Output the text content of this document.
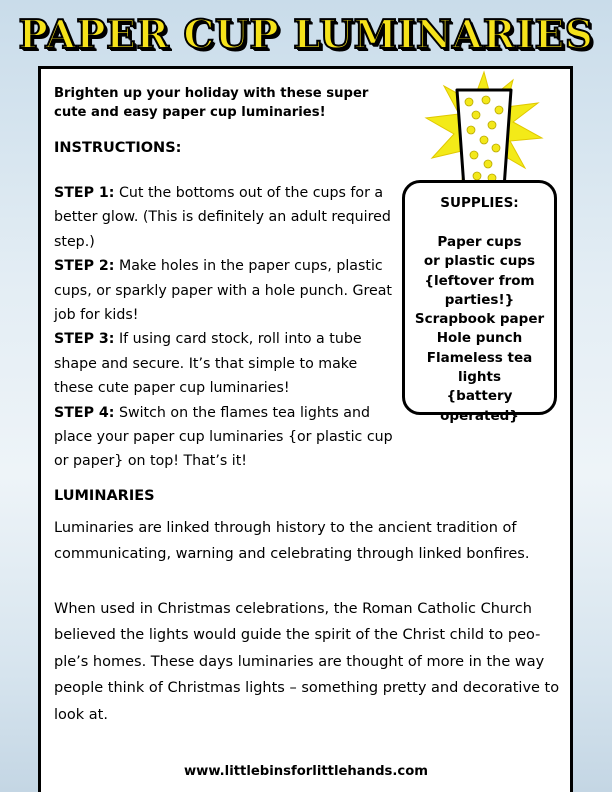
PAPER CUP LUMINARIES
Brighten up your holiday with these super cute and easy paper cup luminaries!
INSTRUCTIONS:
STEP 1: Cut the bottoms out of the cups for a better glow. (This is definitely an adult required step.)
STEP 2: Make holes in the paper cups, plastic cups, or sparkly paper with a hole punch. Great job for kids!
STEP 3: If using card stock, roll into a tube shape and secure. It’s that simple to make these cute paper cup luminaries!
STEP 4: Switch on the flames tea lights and place your paper cup luminaries {or plastic cup or paper} on top! That’s it!
SUPPLIES:
Paper cups
or plastic cups
{leftover from
parties!}
Scrapbook paper
Hole punch
Flameless tea
lights
{battery operated}
LUMINARIES
Luminaries are linked through history to the ancient tradition of communicating, warning and celebrating through linked bonfires.
When used in Christmas celebrations, the Roman Catholic Church believed the lights would guide the spirit of the Christ child to peo-ple’s homes. These days luminaries are thought of more in the way people think of Christmas lights – something pretty and decorative to look at.
www.littlebinsforlittlehands.com
